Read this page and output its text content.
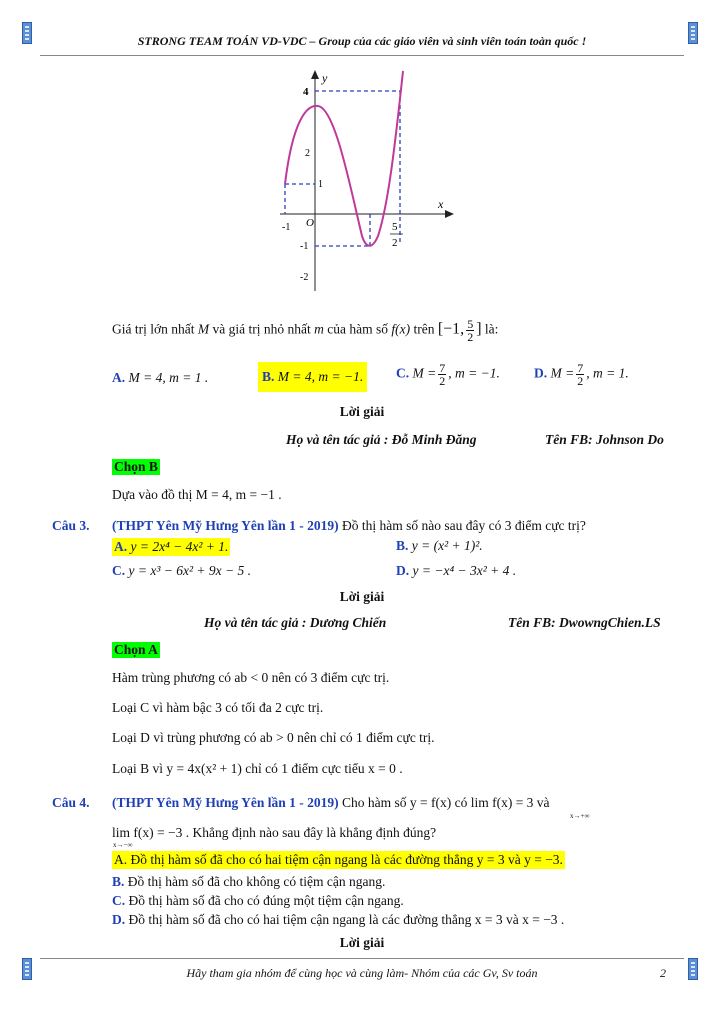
STRONG TEAM TOÁN VD-VDC – Group của các giáo viên và sinh viên toán toàn quốc !
y
x
O
4
2
1
-1
-2
-1	5
2
Giá trị lớn nhất M và giá trị nhỏ nhất m của hàm số f(x) trên [−1, $\frac{5}{2}$ ] là:
A. M = 4, m = 1 .	B. M = 4, m = −1. C. $M = \frac{7}{2}$ , m = −1.	D. $M = \frac{7}{2}$ , m = 1.
Lời giải
Họ và tên tác giả : Đỗ Minh Đăng	Tên FB: Johnson Do
Chọn B
Dựa vào đồ thị M = 4, m = −1 .
Câu 3. (THPT Yên Mỹ Hưng Yên lần 1 - 2019) Đồ thị hàm số nào sau đây có 3 điểm cực trị?
A. y = 2x⁴ − 4x² + 1.	B. y = (x² + 1)².
C. y = x³ − 6x² + 9x − 5 .	D. y = −x⁴ − 3x² + 4 .
Lời giải
Họ và tên tác giả : Dương Chiến	Tên FB: DwowngChien.LS
Chọn A
Hàm trùng phương có ab < 0 nên có 3 điểm cực trị.
Loại C vì hàm bậc 3 có tối đa 2 cực trị.
Loại D vì trùng phương có ab > 0 nên chỉ có 1 điểm cực trị.
Loại B vì y = 4x(x² + 1) chỉ có 1 điểm cực tiểu x = 0 .
Câu 4. (THPT Yên Mỹ Hưng Yên lần 1 - 2019) Cho hàm số y = f(x) có lim f(x) = 3 và
x→+∞
lim f(x) = −3 . Khẳng định nào sau đây là khẳng định đúng?
x→−∞
A. Đồ thị hàm số đã cho có hai tiệm cận ngang là các đường thẳng y = 3 và y = −3.
B. Đồ thị hàm số đã cho không có tiệm cận ngang.
C. Đồ thị hàm số đã cho có đúng một tiệm cận ngang.
D. Đồ thị hàm số đã cho có hai tiệm cận ngang là các đường thẳng x = 3 và x = −3 .
Lời giải
Hãy tham gia nhóm để cùng học và cùng làm- Nhóm của các Gv, Sv toán	2
